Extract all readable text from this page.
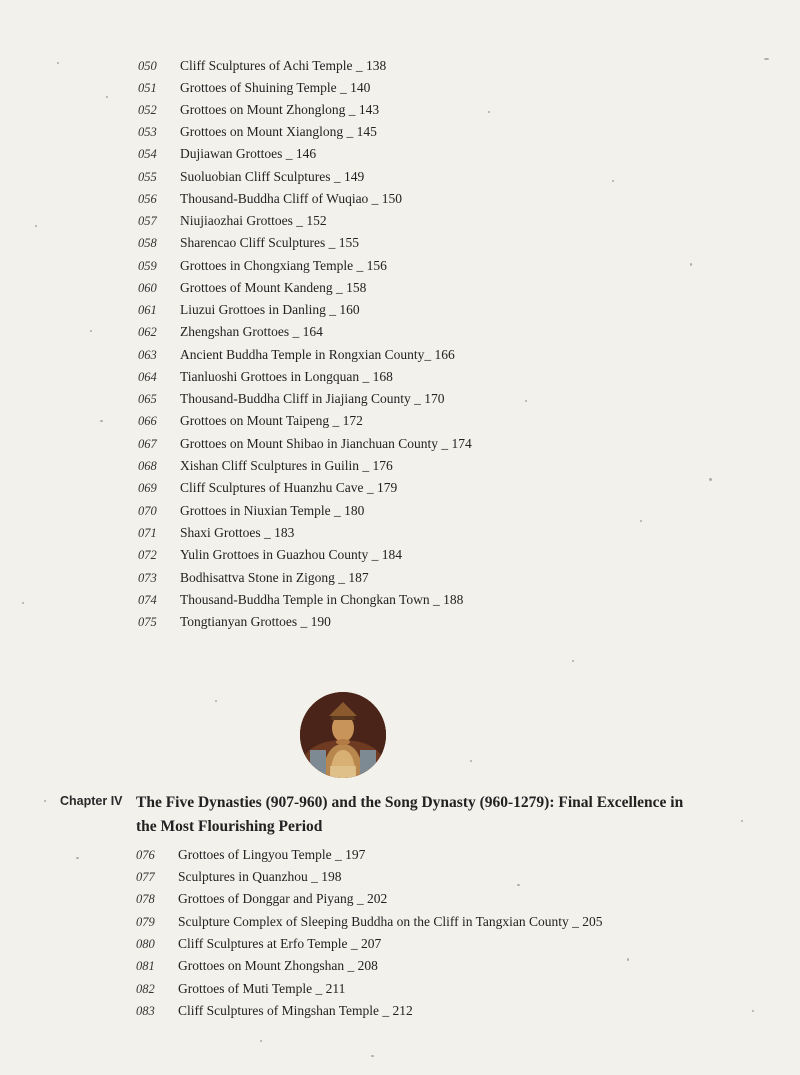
050 Cliff Sculptures of Achi Temple _ 138
051 Grottoes of Shuining Temple _ 140
052 Grottoes on Mount Zhonglong _ 143
053 Grottoes on Mount Xianglong _ 145
054 Dujiawan Grottoes _ 146
055 Suoluobian Cliff Sculptures _ 149
056 Thousand-Buddha Cliff of Wuqiao _ 150
057 Niujiaozhai Grottoes _ 152
058 Sharencao Cliff Sculptures _ 155
059 Grottoes in Chongxiang Temple _ 156
060 Grottoes of Mount Kandeng _ 158
061 Liuzui Grottoes in Danling _ 160
062 Zhengshan Grottoes _ 164
063 Ancient Buddha Temple in Rongxian County_ 166
064 Tianluoshi Grottoes in Longquan _ 168
065 Thousand-Buddha Cliff in Jiajiang County _ 170
066 Grottoes on Mount Taipeng _ 172
067 Grottoes on Mount Shibao in Jianchuan County _ 174
068 Xishan Cliff Sculptures in Guilin _ 176
069 Cliff Sculptures of Huanzhu Cave _ 179
070 Grottoes in Niuxian Temple _ 180
071 Shaxi Grottoes _ 183
072 Yulin Grottoes in Guazhou County _ 184
073 Bodhisattva Stone in Zigong _ 187
074 Thousand-Buddha Temple in Chongkan Town _ 188
075 Tongtianyan Grottoes _ 190
Chapter IV The Five Dynasties (907-960) and the Song Dynasty (960-1279): Final Excellence in the Most Flourishing Period
076 Grottoes of Lingyou Temple _ 197
077 Sculptures in Quanzhou _ 198
078 Grottoes of Donggar and Piyang _ 202
079 Sculpture Complex of Sleeping Buddha on the Cliff in Tangxian County _ 205
080 Cliff Sculptures at Erfo Temple _ 207
081 Grottoes on Mount Zhongshan _ 208
082 Grottoes of Muti Temple _ 211
083 Cliff Sculptures of Mingshan Temple _ 212
